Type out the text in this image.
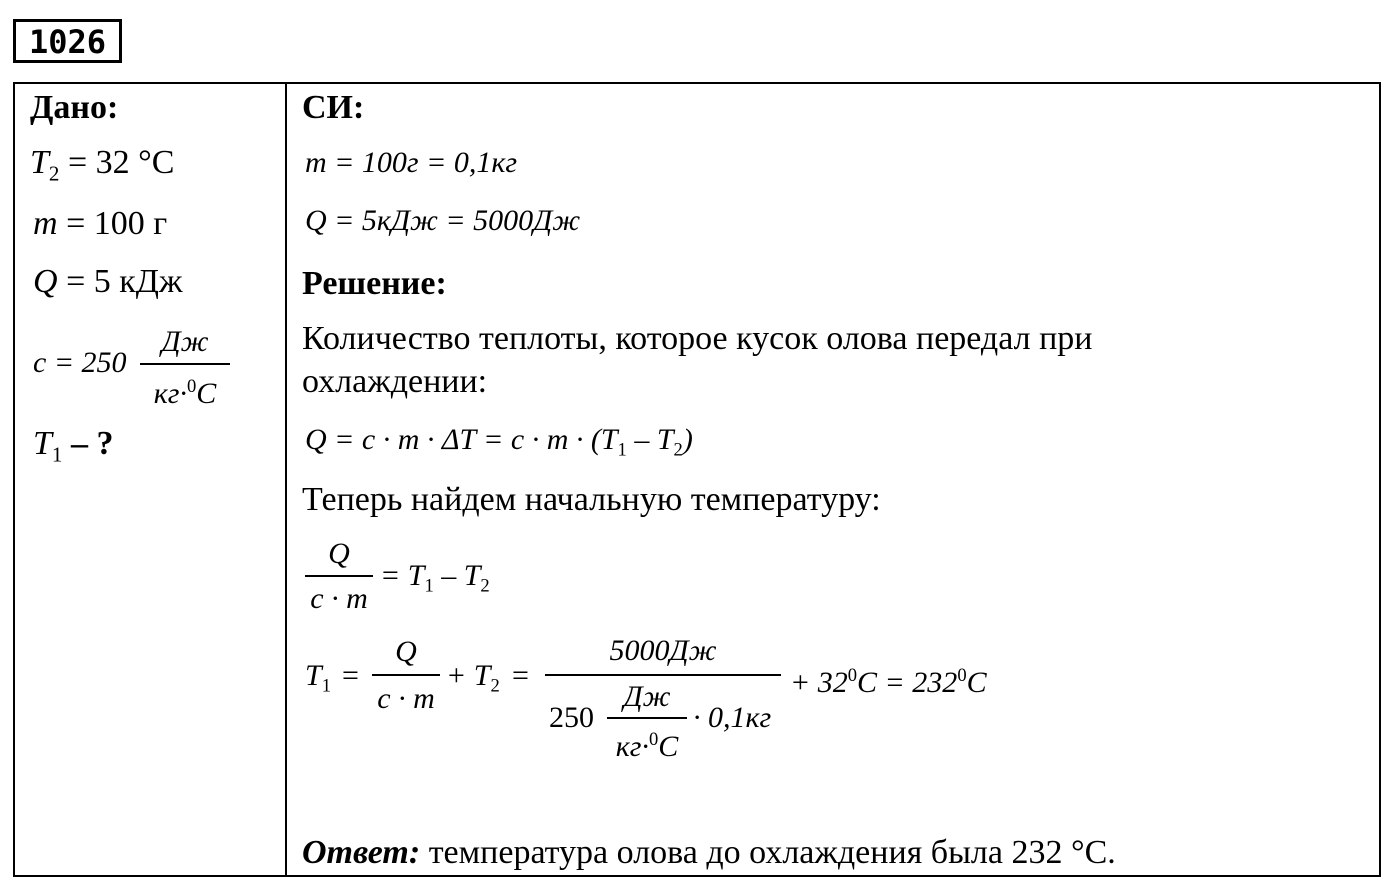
1026
Дано:
$T_2 = 32$ °C
m = 100 г
Q = 5 кДж
c = 250
Дж
кг·$^0$C
$T_1$ – ?
СИ:
m = 100г = 0,1кг
Q = 5кДж = 5000Дж
Решение:
Количество теплоты, которое кусок олова передал при
охлаждении:
$Q = c \cdot m \cdot \Delta T = c \cdot m \cdot (T_1 - T_2)$
Теперь найдем начальную температуру:
Q
c · m
= $T_1 - T_2$
$T_1$ =
Q
c · m
+ $T_2$ =
5000Дж
250
Дж
кг·$^0$C
· 0,1кг
+ $32^0C = 232^0C$
Ответ: температура олова до охлаждения была 232 °C.
